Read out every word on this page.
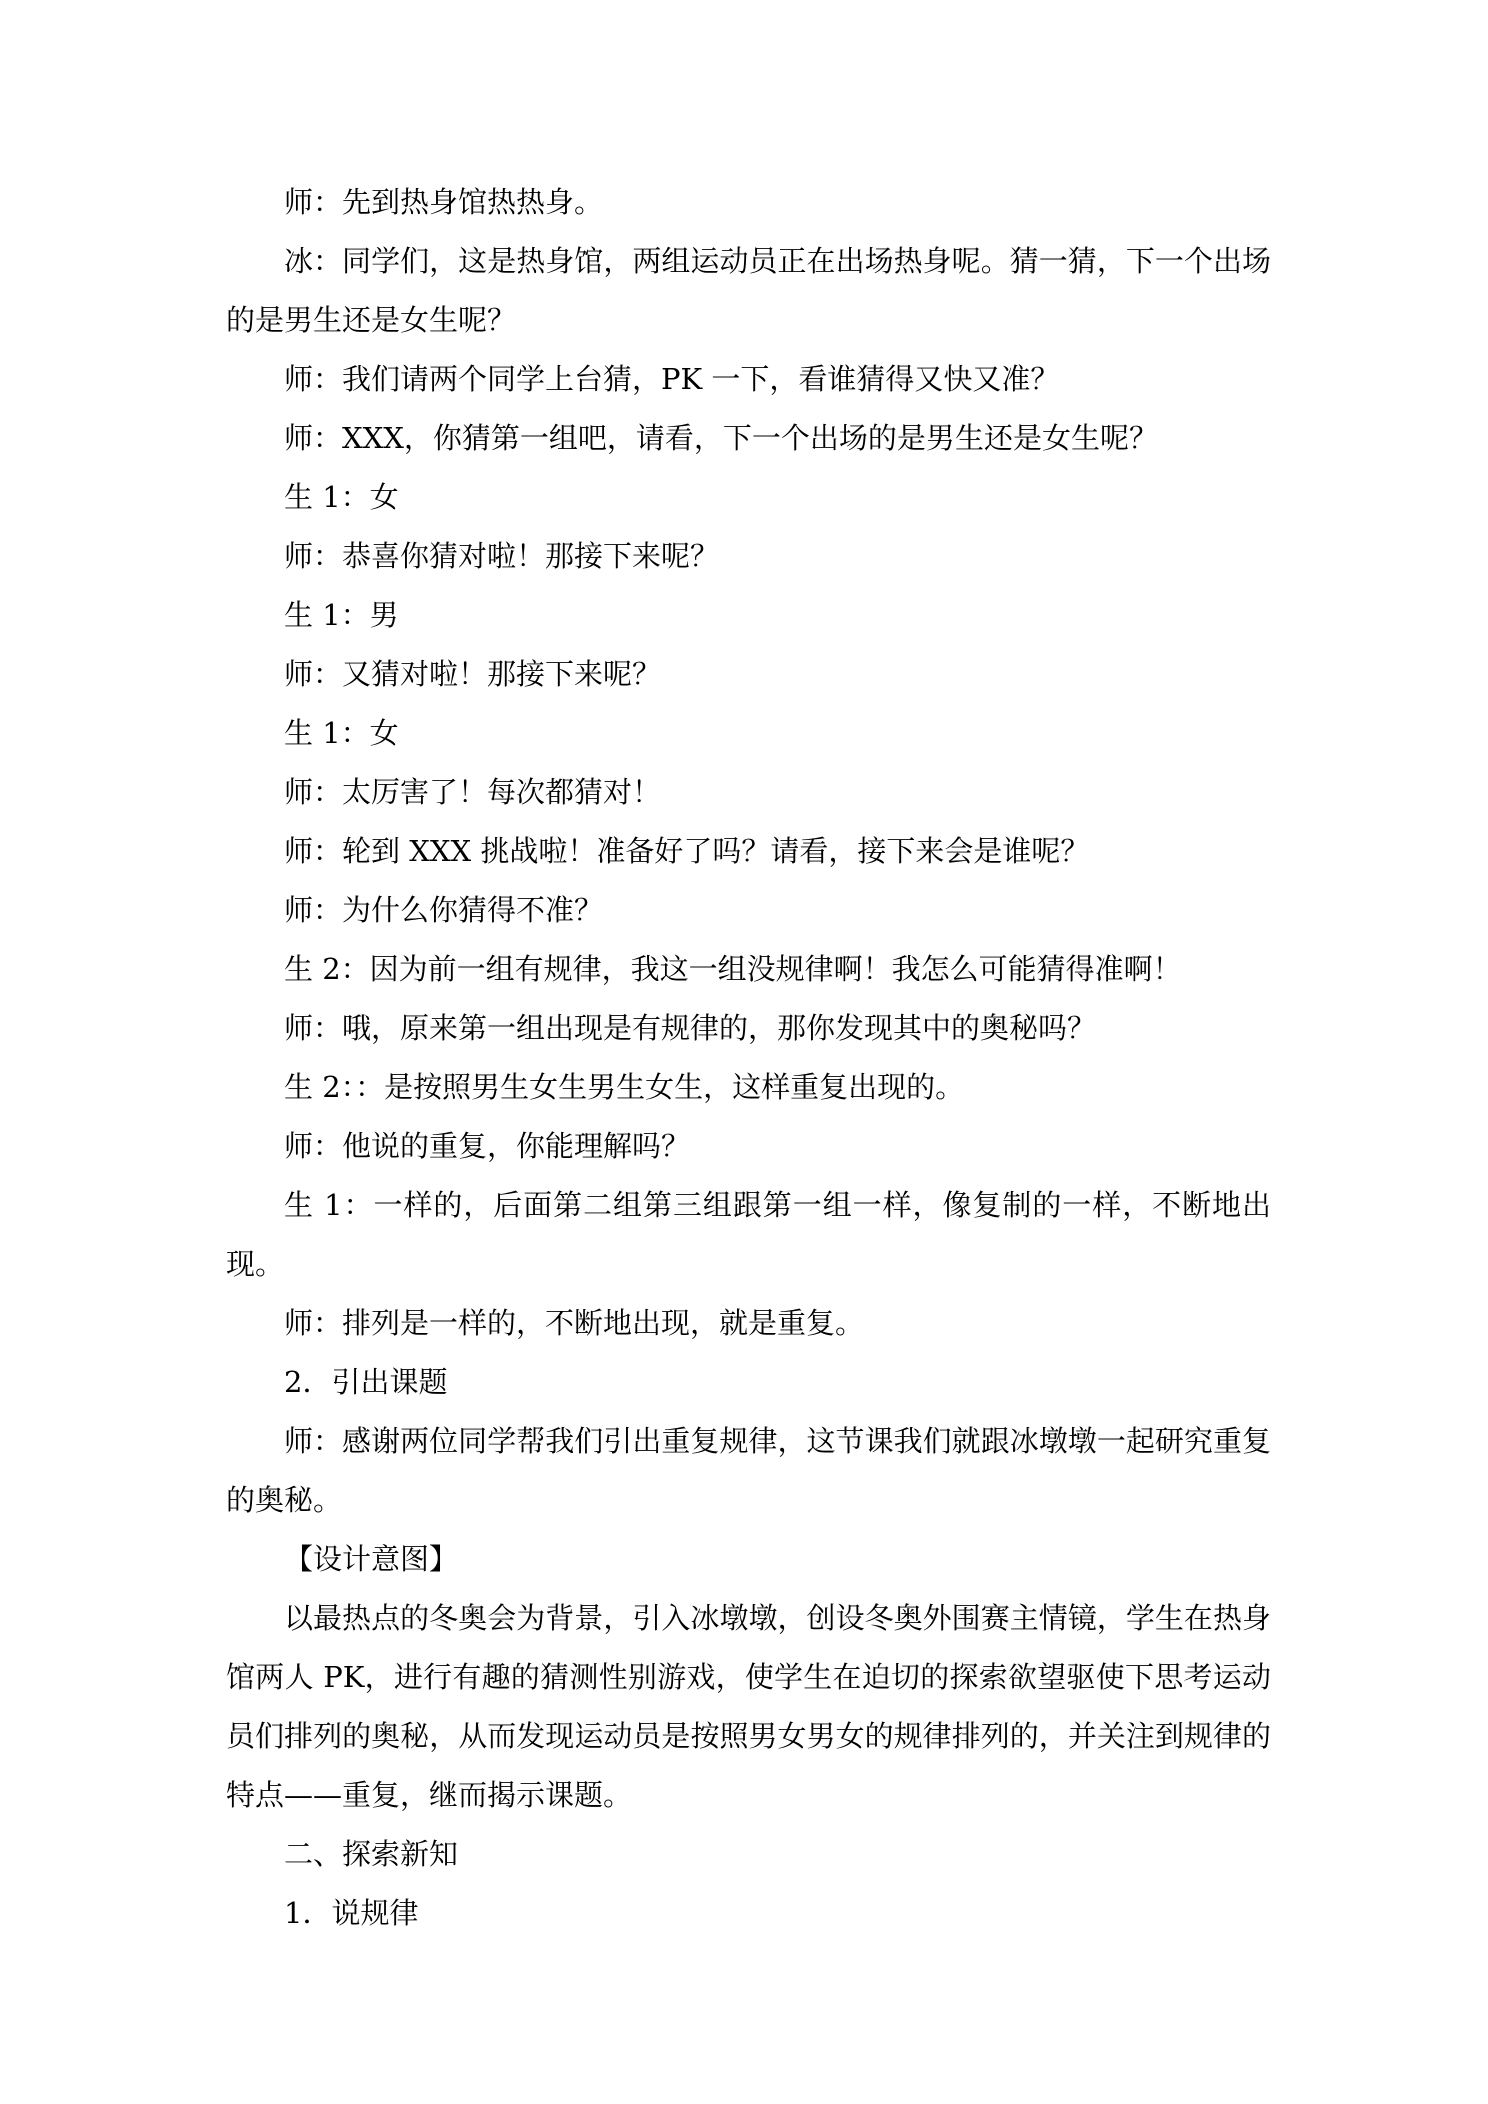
师：先到热身馆热热身。

冰：同学们，这是热身馆，两组运动员正在出场热身呢。猜一猜，下一个出场的是男生还是女生呢？

师：我们请两个同学上台猜，PK 一下，看谁猜得又快又准？

师：XXX，你猜第一组吧，请看，下一个出场的是男生还是女生呢？

生 1：女

师：恭喜你猜对啦！那接下来呢？

生 1：男

师：又猜对啦！那接下来呢？

生 1：女

师：太厉害了！每次都猜对！

师：轮到 XXX 挑战啦！准备好了吗？请看，接下来会是谁呢？

师：为什么你猜得不准？

生 2：因为前一组有规律，我这一组没规律啊！我怎么可能猜得准啊！

师：哦，原来第一组出现是有规律的，那你发现其中的奥秘吗？

生 2：：是按照男生女生男生女生，这样重复出现的。

师：他说的重复，你能理解吗？

生 1：一样的，后面第二组第三组跟第一组一样，像复制的一样，不断地出现。

师：排列是一样的，不断地出现，就是重复。

2．引出课题

师：感谢两位同学帮我们引出重复规律，这节课我们就跟冰墩墩一起研究重复的奥秘。

【设计意图】

以最热点的冬奥会为背景，引入冰墩墩，创设冬奥外围赛主情镜，学生在热身馆两人 PK，进行有趣的猜测性别游戏，使学生在迫切的探索欲望驱使下思考运动员们排列的奥秘，从而发现运动员是按照男女男女的规律排列的，并关注到规律的特点——重复，继而揭示课题。

二、探索新知

1．说规律
